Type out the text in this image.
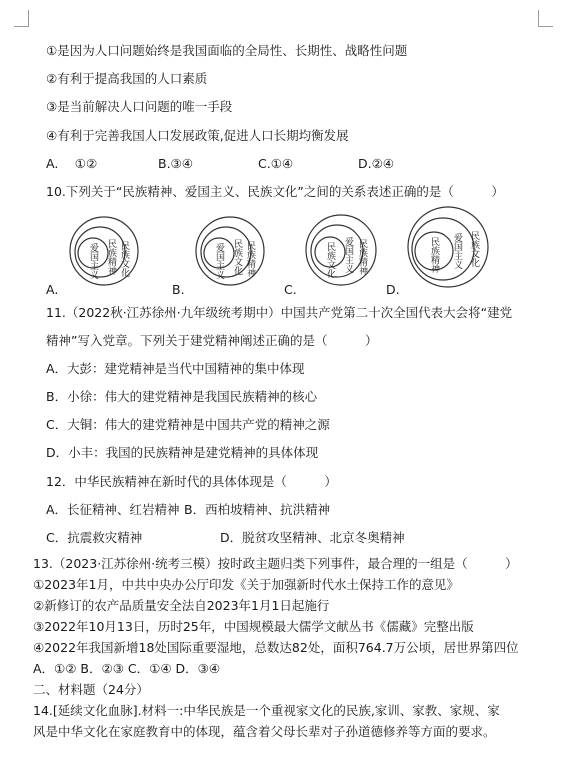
①是因为人口问题始终是我国面临的全局性、长期性、战略性问题
②有利于提高我国的人口素质
③是当前解决人口问题的唯一手段
④有利于完善我国人口发展政策,促进人口长期均衡发展
A.　 ①②	B.③④	C.①④	D.②④
10.下列关于“民族精神、爱国主义、民族文化”之间的关系表述正确的是（　　　）
民族文化
民族精神
爱国主义
A.
民族精神
民族文化
爱国主义
B.
民族精神
爱国主义
民族文化
C.
民族文化
爱国主义
民族精神
D.
11.（2022秋·江苏徐州·九年级统考期中）中国共产党第二十次全国代表大会将“建党
精神”写入党章。下列关于建党精神阐述正确的是（　　　）
A．大彭：建党精神是当代中国精神的集中体现
B．小徐：伟大的建党精神是我国民族精神的核心
C．大铜：伟大的建党精神是中国共产党的精神之源
D．小丰：我国的民族精神是建党精神的具体体现
12．中华民族精神在新时代的具体体现是（　　　）
A．长征精神、红岩精神 B．西柏坡精神、抗洪精神
C．抗震救灾精神	D．脱贫攻坚精神、北京冬奥精神
13.（2023·江苏徐州·统考三模）按时政主题归类下列事件，最合理的一组是（　　　）
①2023年1月，中共中央办公厅印发《关于加强新时代水土保持工作的意见》
②新修订的农产品质量安全法自2023年1月1日起施行
③2022年10月13日，历时25年，中国规模最大儒学文献丛书《儒藏》完整出版
④2022年我国新增18处国际重要湿地，总数达82处，面积764.7万公顷，居世界第四位
A．①② B．②③ C．①④ D．③④
二、材料题（24分）
14.[延续文化血脉].材料一:中华民族是一个重视家文化的民族,家训、家教、家规、家
风是中华文化在家庭教育中的体现，蕴含着父母长辈对子孙道德修养等方面的要求。
